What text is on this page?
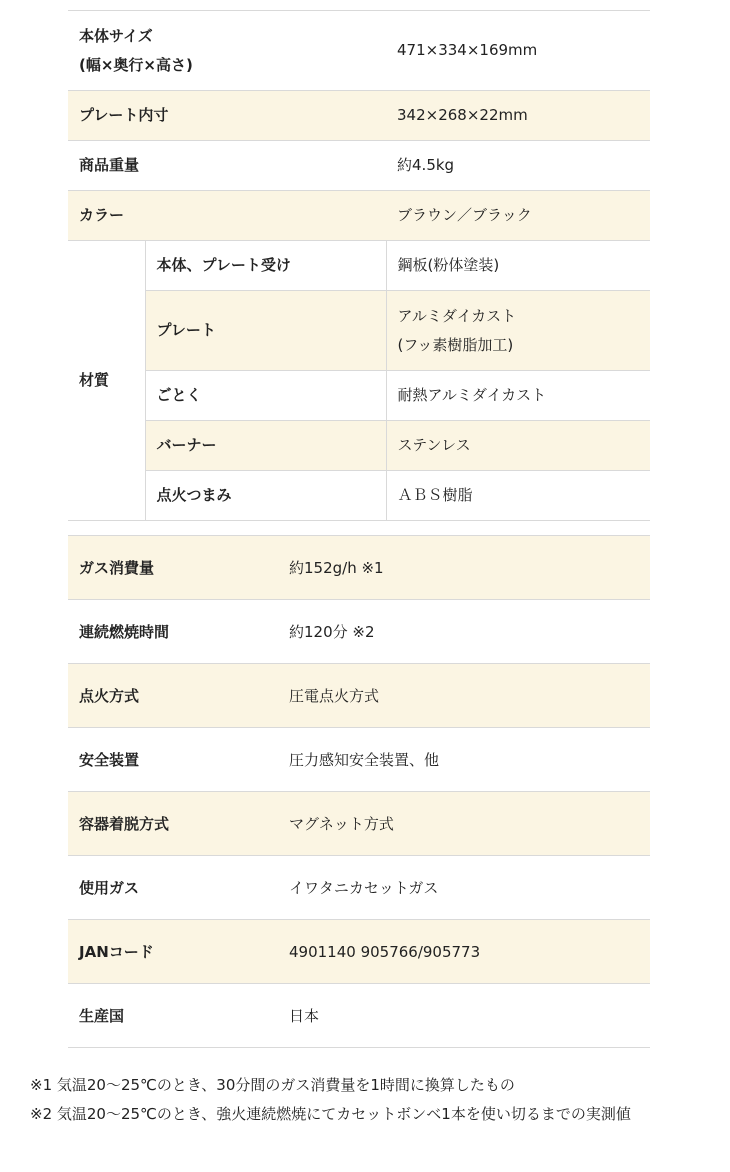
本体サイズ
(幅×奥行×高さ)		471×334×169mm
プレート内寸		342×268×22mm
商品重量		約4.5kg
カラー		ブラウン／ブラック
材質	本体、プレート受け	鋼板(粉体塗装)
	プレート	アルミダイカスト
(フッ素樹脂加工)
	ごとく	耐熱アルミダイカスト
	バーナー	ステンレス
	点火つまみ	ＡＢＳ樹脂
ガス消費量	約152g/h ※1
連続燃焼時間	約120分 ※2
点火方式	圧電点火方式
安全装置	圧力感知安全装置、他
容器着脱方式	マグネット方式
使用ガス	イワタニカセットガス
JANコード	4901140 905766/905773
生産国	日本
※1 気温20～25℃のとき、30分間のガス消費量を1時間に換算したもの
※2 気温20～25℃のとき、強火連続燃焼にてカセットボンベ1本を使い切るまでの実測値
